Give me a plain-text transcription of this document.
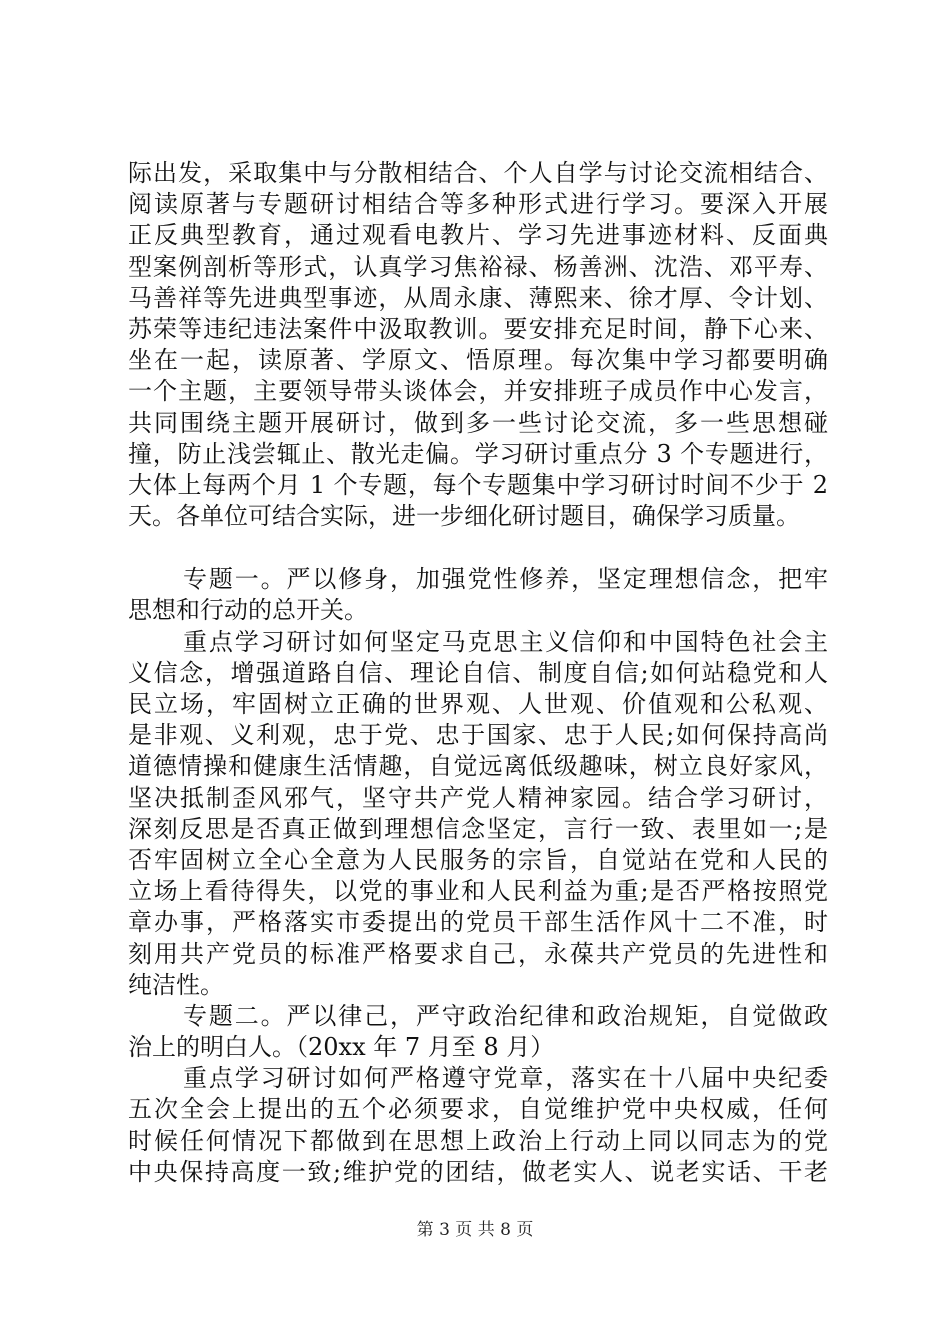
际出发，采取集中与分散相结合、个人自学与讨论交流相结合、
阅读原著与专题研讨相结合等多种形式进行学习。要深入开展
正反典型教育，通过观看电教片、学习先进事迹材料、反面典
型案例剖析等形式，认真学习焦裕禄、杨善洲、沈浩、邓平寿、
马善祥等先进典型事迹，从周永康、薄熙来、徐才厚、令计划、
苏荣等违纪违法案件中汲取教训。要安排充足时间，静下心来、
坐在一起，读原著、学原文、悟原理。每次集中学习都要明确
一个主题，主要领导带头谈体会，并安排班子成员作中心发言，
共同围绕主题开展研讨，做到多一些讨论交流，多一些思想碰
撞，防止浅尝辄止、散光走偏。学习研讨重点分 3 个专题进行，
大体上每两个月 1 个专题，每个专题集中学习研讨时间不少于 2
天。各单位可结合实际，进一步细化研讨题目，确保学习质量。
专题一。严以修身，加强党性修养，坚定理想信念，把牢
思想和行动的总开关。
重点学习研讨如何坚定马克思主义信仰和中国特色社会主
义信念，增强道路自信、理论自信、制度自信;如何站稳党和人
民立场，牢固树立正确的世界观、人世观、价值观和公私观、
是非观、义利观，忠于党、忠于国家、忠于人民;如何保持高尚
道德情操和健康生活情趣，自觉远离低级趣味，树立良好家风，
坚决抵制歪风邪气，坚守共产党人精神家园。结合学习研讨，
深刻反思是否真正做到理想信念坚定，言行一致、表里如一;是
否牢固树立全心全意为人民服务的宗旨，自觉站在党和人民的
立场上看待得失，以党的事业和人民利益为重;是否严格按照党
章办事，严格落实市委提出的党员干部生活作风十二不准，时
刻用共产党员的标准严格要求自己，永葆共产党员的先进性和
纯洁性。
专题二。严以律己，严守政治纪律和政治规矩，自觉做政
治上的明白人。（20xx 年 7 月至 8 月）
重点学习研讨如何严格遵守党章，落实在十八届中央纪委
五次全会上提出的五个必须要求，自觉维护党中央权威，任何
时候任何情况下都做到在思想上政治上行动上同以同志为的党
中央保持高度一致;维护党的团结，做老实人、说老实话、干老
第 3 页 共 8 页
